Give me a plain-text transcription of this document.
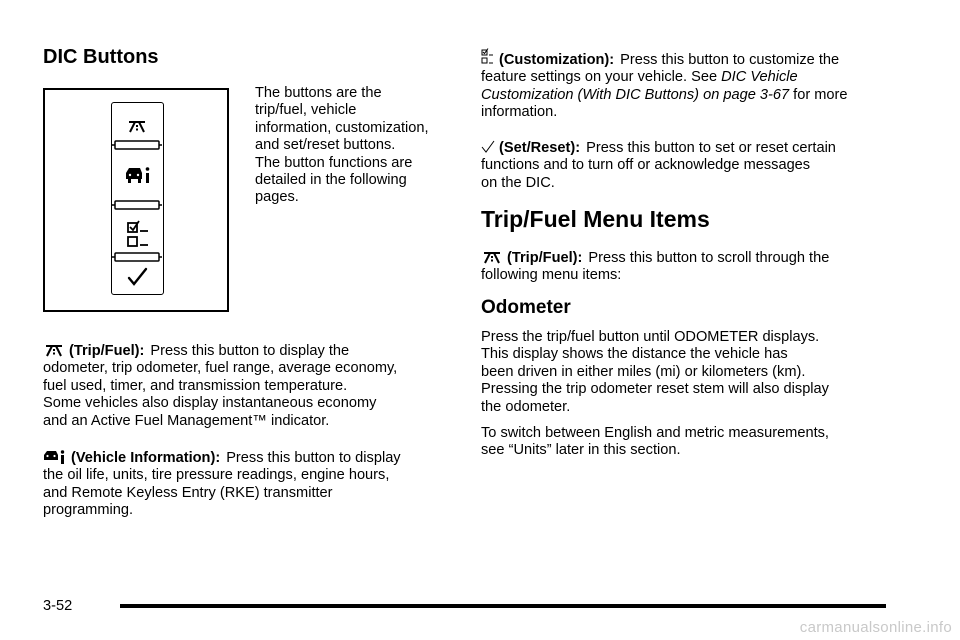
DIC Buttons
The buttons are the
trip/fuel, vehicle
information, customization,
and set/reset buttons.
The button functions are
detailed in the following
pages.
(Trip/Fuel): Press this button to display the
odometer, trip odometer, fuel range, average economy,
fuel used, timer, and transmission temperature.
Some vehicles also display instantaneous economy
and an Active Fuel Management™ indicator.
(Vehicle Information): Press this button to display
the oil life, units, tire pressure readings, engine hours,
and Remote Keyless Entry (RKE) transmitter
programming.
(Customization): Press this button to customize the
feature settings on your vehicle. See DIC Vehicle
Customization (With DIC Buttons) on page 3-67 for more
information.
(Set/Reset): Press this button to set or reset certain
functions and to turn off or acknowledge messages
on the DIC.
Trip/Fuel Menu Items
(Trip/Fuel): Press this button to scroll through the
following menu items:
Odometer
Press the trip/fuel button until ODOMETER displays.
This display shows the distance the vehicle has
been driven in either miles (mi) or kilometers (km).
Pressing the trip odometer reset stem will also display
the odometer.
To switch between English and metric measurements,
see “Units” later in this section.
3-52
carmanualsonline.info
